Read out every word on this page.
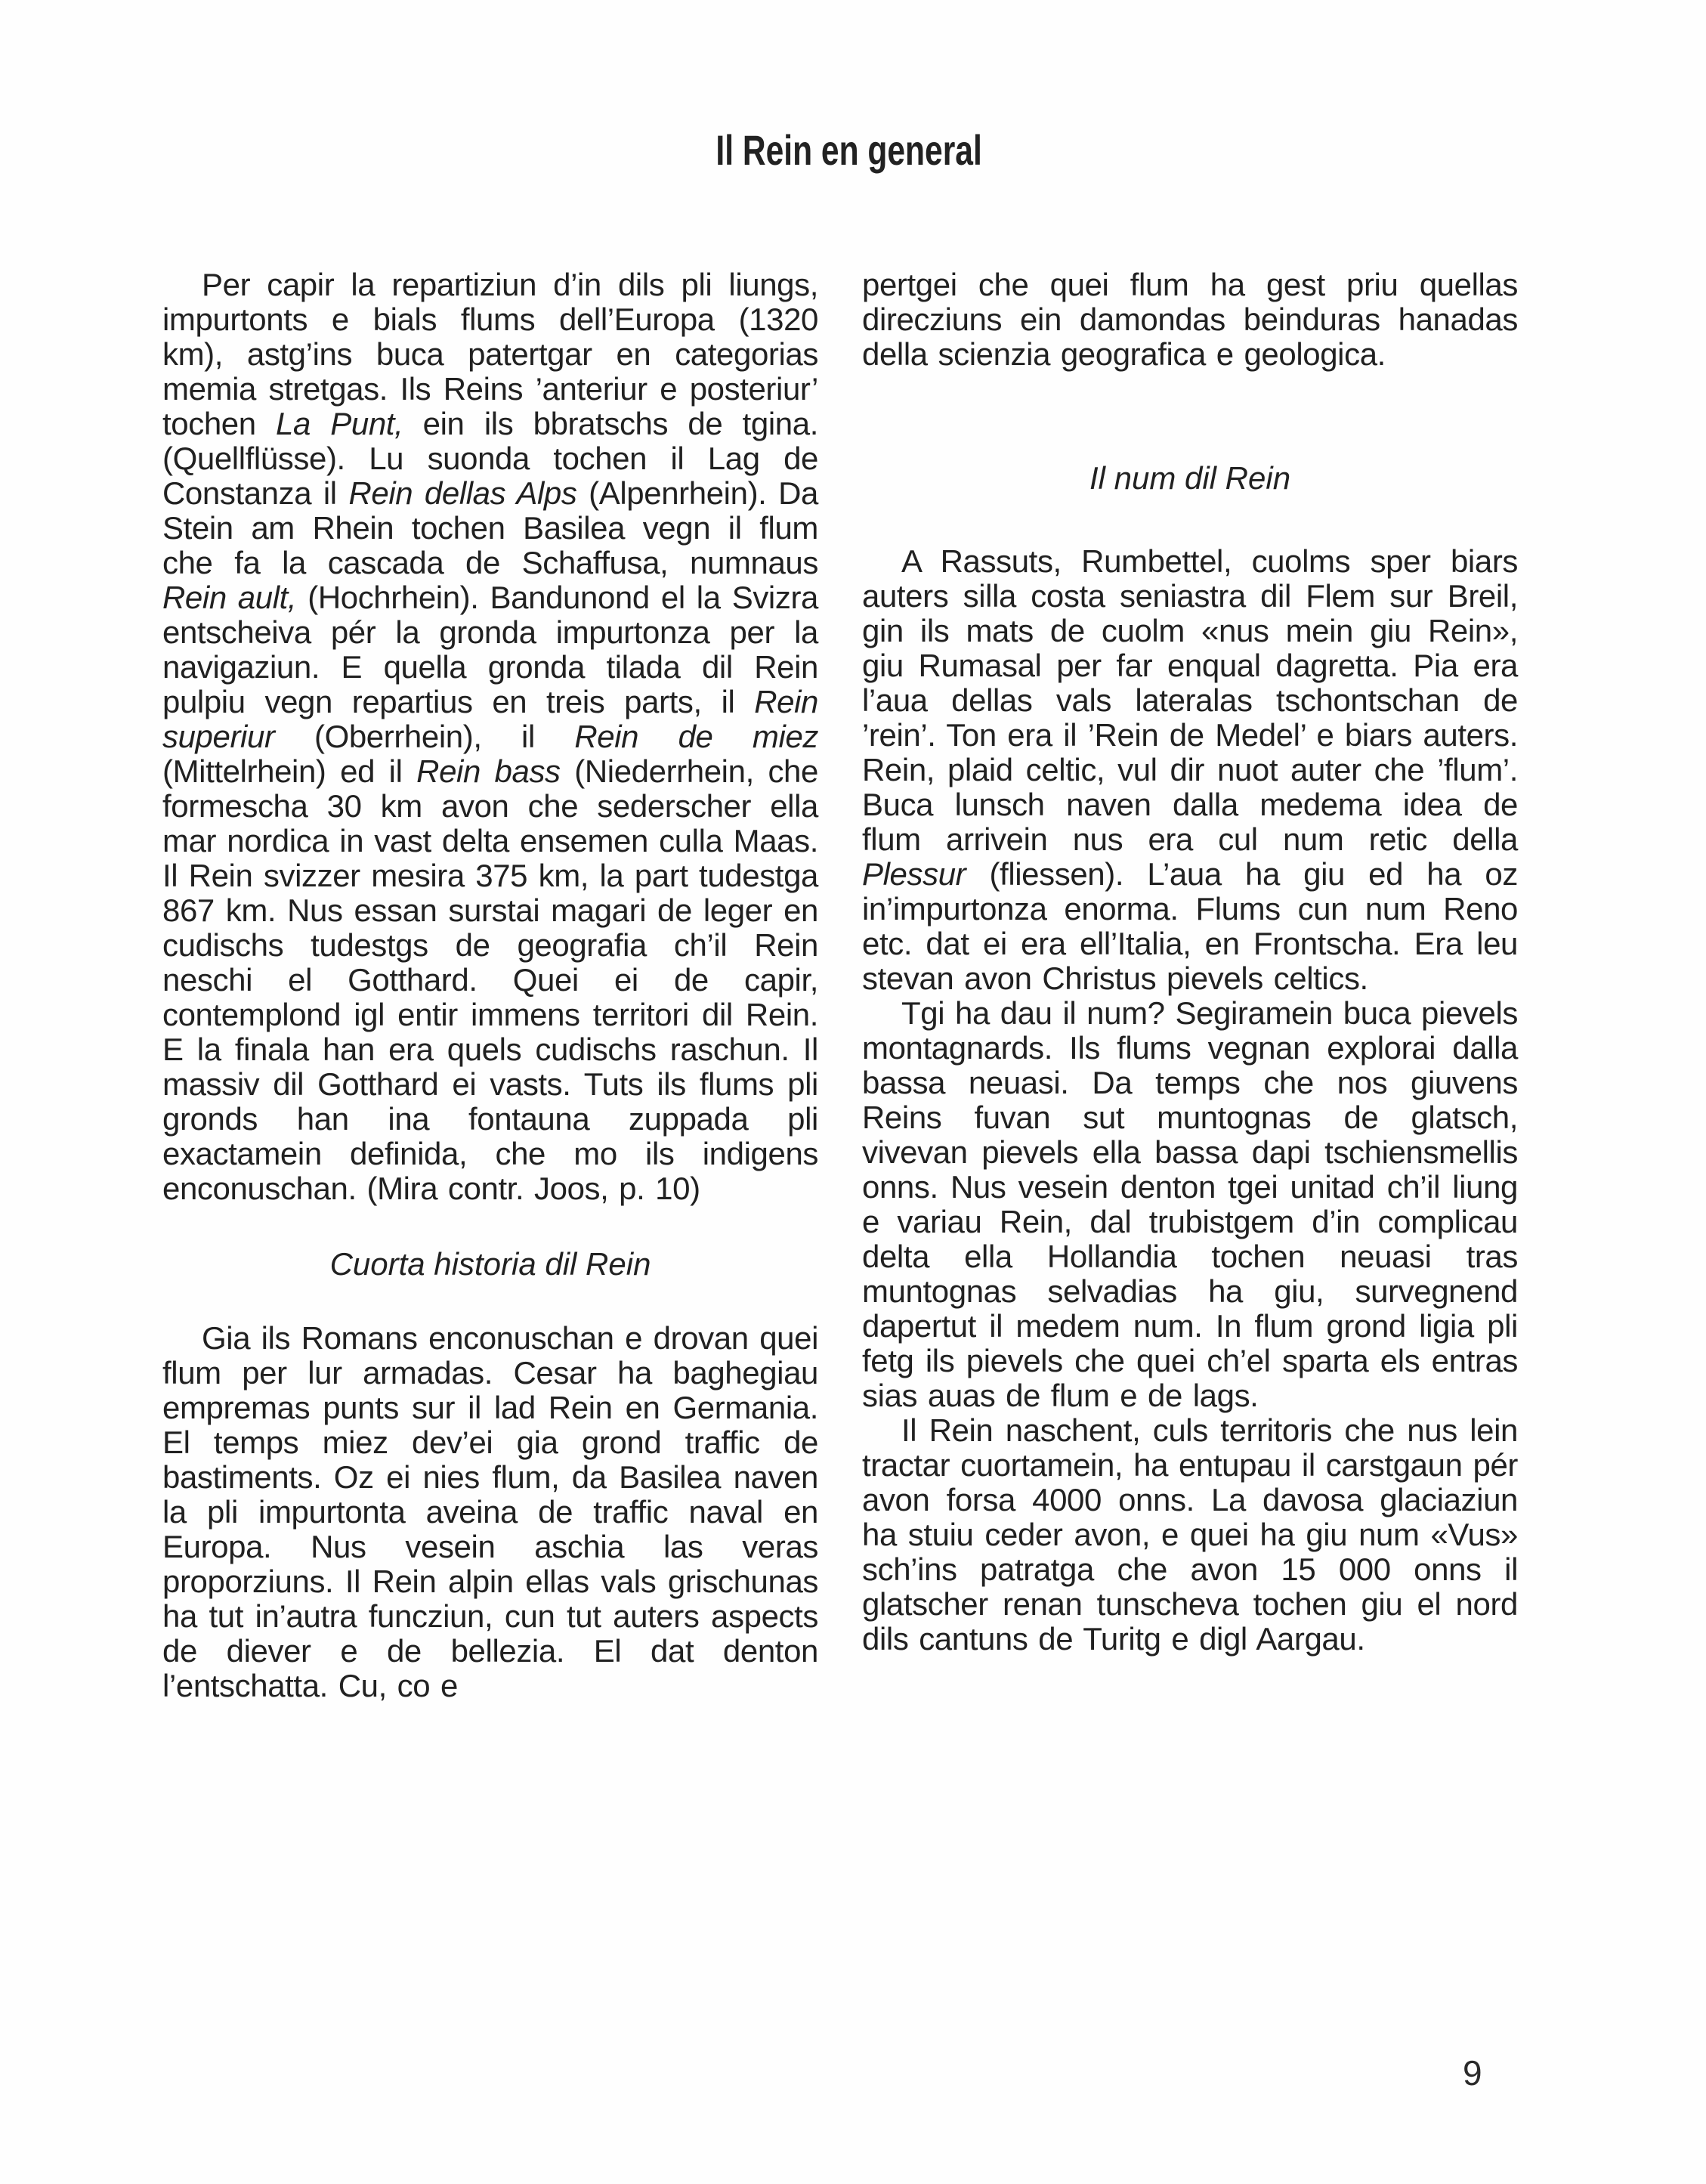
Il Rein en general

Per capir la repartiziun d’in dils pli liungs, impurtonts e bials flums dell’Europa (1320 km), astg’ins buca patertgar en categorias memia stretgas. Ils Reins ’anteriur e posteriur’ tochen La Punt, ein ils bbratschs de tgina. (Quellflüsse). Lu suonda tochen il Lag de Constanza il Rein dellas Alps (Alpenrhein). Da Stein am Rhein tochen Basilea vegn il flum che fa la cascada de Schaffusa, numnaus Rein ault, (Hochrhein). Bandunond el la Svizra entscheiva pér la gronda impurtonza per la navigaziun. E quella gronda tilada dil Rein pulpiu vegn repartius en treis parts, il Rein superiur (Oberrhein), il Rein de miez (Mittelrhein) ed il Rein bass (Niederrhein, che formescha 30 km avon che sederscher ella mar nordica in vast delta ensemen culla Maas. Il Rein svizzer mesira 375 km, la part tudestga 867 km. Nus essan surstai magari de leger en cudischs tudestgs de geografia ch’il Rein neschi el Gotthard. Quei ei de capir, contemplond igl entir immens territori dil Rein. E la finala han era quels cudischs raschun. Il massiv dil Gotthard ei vasts. Tuts ils flums pli gronds han ina fontauna zuppada pli exactamein definida, che mo ils indigens enconuschan. (Mira contr. Joos, p. 10)

Cuorta historia dil Rein

Gia ils Romans enconuschan e drovan quei flum per lur armadas. Cesar ha baghegiau empremas punts sur il lad Rein en Germania. El temps miez dev’ei gia grond traffic de bastiments. Oz ei nies flum, da Basilea naven la pli impurtonta aveina de traffic naval en Europa. Nus vesein aschia las veras proporziuns. Il Rein alpin ellas vals grischunas ha tut in’autra funcziun, cun tut auters aspects de diever e de bellezia. El dat denton l’entschatta. Cu, co e

pertgei che quei flum ha gest priu quellas direcziuns ein damondas beinduras hanadas della scienzia geografica e geologica.

Il num dil Rein

A Rassuts, Rumbettel, cuolms sper biars auters silla costa seniastra dil Flem sur Breil, gin ils mats de cuolm «nus mein giu Rein», giu Rumasal per far enqual dagretta. Pia era l’aua dellas vals lateralas tschontschan de ’rein’. Ton era il ’Rein de Medel’ e biars auters. Rein, plaid celtic, vul dir nuot auter che ’flum’. Buca lunsch naven dalla medema idea de flum arrivein nus era cul num retic della Plessur (fliessen). L’aua ha giu ed ha oz in’impurtonza enorma. Flums cun num Reno etc. dat ei era ell’Italia, en Frontscha. Era leu stevan avon Christus pievels celtics.

Tgi ha dau il num? Segiramein buca pievels montagnards. Ils flums vegnan explorai dalla bassa neuasi. Da temps che nos giuvens Reins fuvan sut muntognas de glatsch, vivevan pievels ella bassa dapi tschiensmellis onns. Nus vesein denton tgei unitad ch’il liung e variau Rein, dal trubistgem d’in complicau delta ella Hollandia tochen neuasi tras muntognas selvadias ha giu, survegnend dapertut il medem num. In flum grond ligia pli fetg ils pievels che quei ch’el sparta els entras sias auas de flum e de lags.

Il Rein naschent, culs territoris che nus lein tractar cuortamein, ha entupau il carstgaun pér avon forsa 4000 onns. La davosa glaciaziun ha stuiu ceder avon, e quei ha giu num «Vus» sch’ins patratga che avon 15 000 onns il glatscher renan tunscheva tochen giu el nord dils cantuns de Turitg e digl Aargau.

9
